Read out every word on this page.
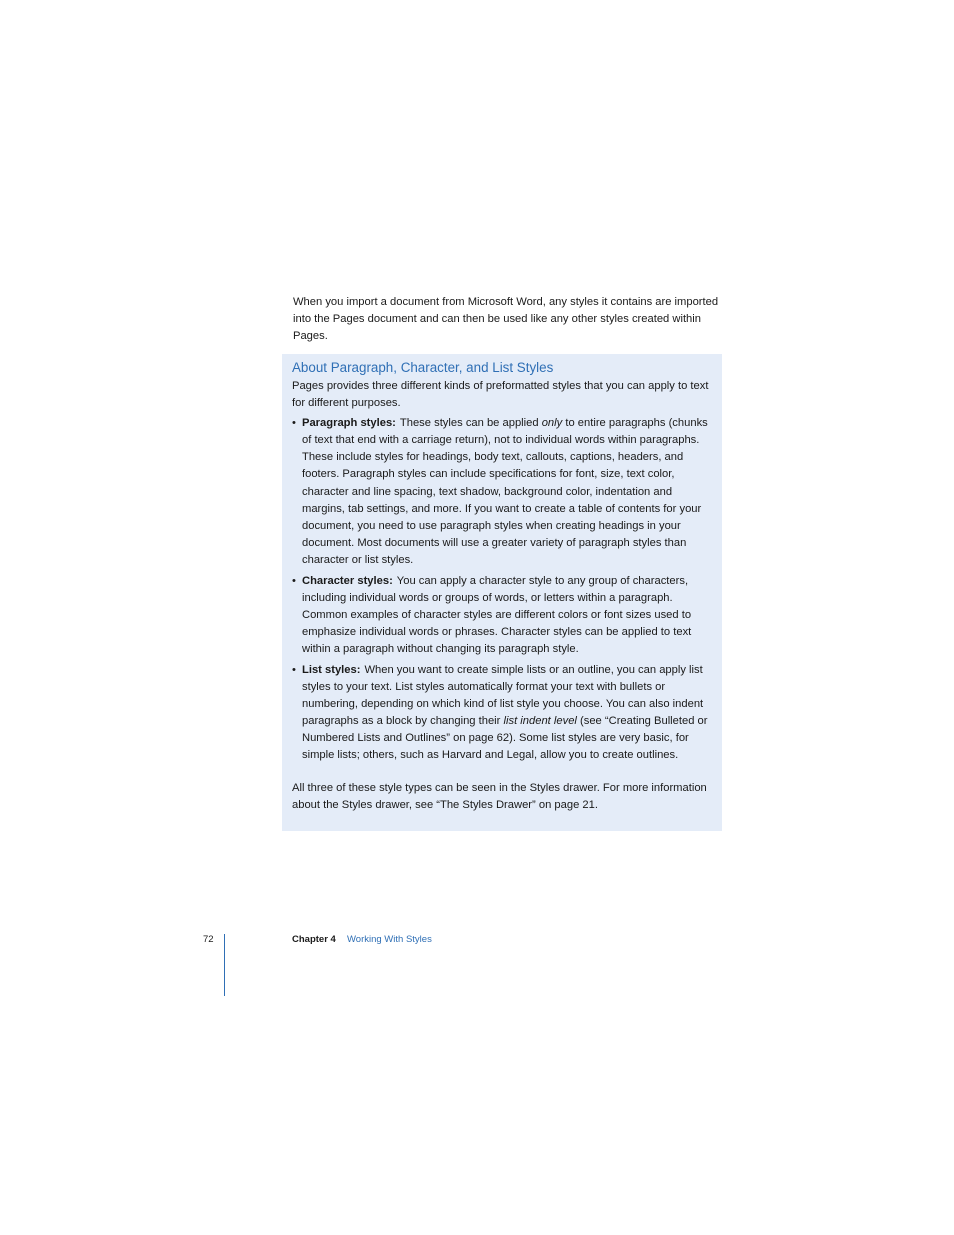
When you import a document from Microsoft Word, any styles it contains are imported into the Pages document and can then be used like any other styles created within Pages.

About Paragraph, Character, and List Styles

Pages provides three different kinds of preformatted styles that you can apply to text for different purposes.

• Paragraph styles: These styles can be applied only to entire paragraphs (chunks of text that end with a carriage return), not to individual words within paragraphs. These include styles for headings, body text, callouts, captions, headers, and footers. Paragraph styles can include specifications for font, size, text color, character and line spacing, text shadow, background color, indentation and margins, tab settings, and more. If you want to create a table of contents for your document, you need to use paragraph styles when creating headings in your document. Most documents will use a greater variety of paragraph styles than character or list styles.
• Character styles: You can apply a character style to any group of characters, including individual words or groups of words, or letters within a paragraph. Common examples of character styles are different colors or font sizes used to emphasize individual words or phrases. Character styles can be applied to text within a paragraph without changing its paragraph style.
• List styles: When you want to create simple lists or an outline, you can apply list styles to your text. List styles automatically format your text with bullets or numbering, depending on which kind of list style you choose. You can also indent paragraphs as a block by changing their list indent level (see “Creating Bulleted or Numbered Lists and Outlines” on page 62). Some list styles are very basic, for simple lists; others, such as Harvard and Legal, allow you to create outlines.

All three of these style types can be seen in the Styles drawer. For more information about the Styles drawer, see “The Styles Drawer” on page 21.

72	Chapter 4 Working With Styles
